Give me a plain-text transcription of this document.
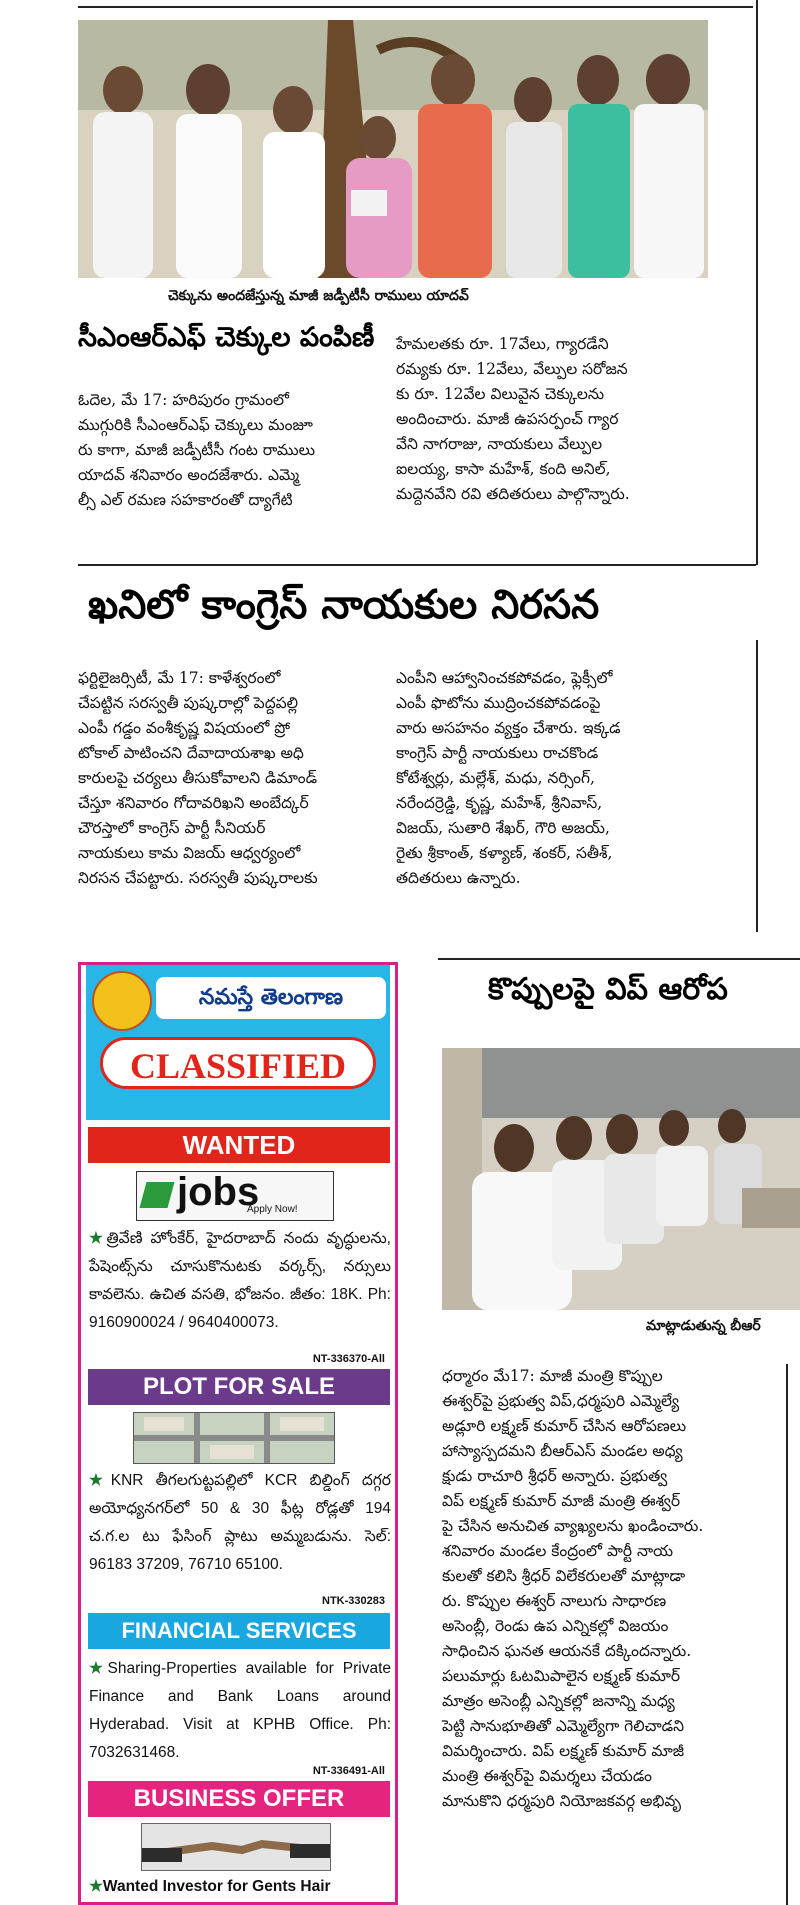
చెక్కును అందజేస్తున్న మాజీ జడ్పీటీసీ రాములు యాదవ్
సీఎంఆర్ఎఫ్ చెక్కుల పంపిణీ

ఓదెల, మే 17: హరిపురం గ్రామంలో
ముగ్గురికి సీఎంఆర్ఎఫ్ చెక్కులు మంజూ
రు కాగా, మాజీ జడ్పీటీసీ గంట రాములు
యాదవ్ శనివారం అందజేశారు. ఎమ్మె
ల్సీ ఎల్ రమణ సహకారంతో ద్యాగేటి

హేమలతకు రూ. 17వేలు, గ్యారడేని
రమ్యకు రూ. 12వేలు, వేల్పుల సరోజన
కు రూ. 12వేల విలువైన చెక్కులను
అందించారు. మాజీ ఉపసర్పంచ్ గ్యార
వేని నాగరాజు, నాయకులు వేల్పుల
ఐలయ్య, కాసా మహేశ్, కంది అనిల్,
మద్దెనవేని రవి తదితరులు పాల్గొన్నారు.

ఖనిలో కాంగ్రెస్ నాయకుల నిరసన

ఫర్టిలైజర్సిటీ, మే 17: కాళేశ్వరంలో
చేపట్టిన సరస్వతీ పుష్కరాల్లో పెద్దపల్లి
ఎంపీ గడ్డం వంశీకృష్ణ విషయంలో ప్రో
టోకాల్ పాటించని దేవాదాయశాఖ అధి
కారులపై చర్యలు తీసుకోవాలని డిమాండ్
చేస్తూ శనివారం గోదావరిఖని అంబేద్కర్
చౌరస్తాలో కాంగ్రెస్ పార్టీ సీనియర్
నాయకులు కామ విజయ్ ఆధ్వర్యంలో
నిరసన చేపట్టారు. సరస్వతీ పుష్కరాలకు

ఎంపీని ఆహ్వానించకపోవడం, ఫ్లెక్సీలో
ఎంపీ ఫొటోను ముద్రించకపోవడంపై
వారు అసహనం వ్యక్తం చేశారు. ఇక్కడ
కాంగ్రెస్ పార్టీ నాయకులు రాచకొండ
కోటేశ్వర్లు, మల్లేశ్, మధు, నర్సింగ్,
నరేందర్రెడ్డి, కృష్ణ, మహేశ్, శ్రీనివాస్,
విజయ్, సుతారి శేఖర్, గౌరి అజయ్,
రైతు శ్రీకాంత్, కళ్యాణ్, శంకర్, సతీశ్,
తదితరులు ఉన్నారు.

నమస్తే తెలంగాణ
CLASSIFIED
WANTED
jobs
Apply Now!

★త్రివేణి హోంకేర్, హైదరాబాద్ నందు వృద్ధులను, పేషెంట్స్‌ను చూసుకొనుటకు వర్కర్స్, నర్సులు కావలెను. ఉచిత వసతి, భోజనం. జీతం: 18K. Ph: 9160900024 / 9640400073.

NT-336370-All
PLOT FOR SALE

★KNR తీగలగుట్టపల్లిలో KCR బిల్డింగ్ దగ్గర అయోధ్యనగర్‌లో 50 & 30 ఫీట్ల రోడ్లతో 194 చ.గ.ల టు ఫేసింగ్ ప్లాటు అమ్మబడును. సెల్: 96183 37209, 76710 65100.

NTK-330283
FINANCIAL SERVICES

★Sharing-Properties available for Private Finance and Bank Loans around Hyderabad. Visit at KPHB Office. Ph: 7032631468.

NT-336491-All
BUSINESS OFFER

★Wanted Investor for Gents Hair

కొప్పులపై విప్ ఆరోప
మాట్లాడుతున్న బీఆర్

ధర్మారం మే17: మాజీ మంత్రి కొప్పుల
ఈశ్వర్‌పై ప్రభుత్వ విప్,ధర్మపురి ఎమ్మెల్యే
అడ్లూరి లక్ష్మణ్ కుమార్ చేసిన ఆరోపణలు
హాస్యాస్పదమని బీఆర్ఎస్ మండల అధ్య
క్షుడు రాచూరి శ్రీధర్ అన్నారు. ప్రభుత్వ
విప్ లక్ష్మణ్ కుమార్ మాజీ మంత్రి ఈశ్వర్
పై చేసిన అనుచిత వ్యాఖ్యలను ఖండించారు.
శనివారం మండల కేంద్రంలో పార్టీ నాయ
కులతో కలిసి శ్రీధర్ విలేకరులతో మాట్లాడా
రు. కొప్పుల ఈశ్వర్ నాలుగు సాధారణ
అసెంబ్లీ, రెండు ఉప ఎన్నికల్లో విజయం
సాధించిన ఘనత ఆయనకే దక్కిందన్నారు.
పలుమార్లు ఓటమిపాలైన లక్ష్మణ్ కుమార్
మాత్రం అసెంబ్లీ ఎన్నికల్లో జనాన్ని మధ్య
పెట్టి సానుభూతితో ఎమ్మెల్యేగా గెలిచాడని
విమర్శించారు. విప్ లక్ష్మణ్ కుమార్ మాజీ
మంత్రి ఈశ్వర్‌పై విమర్శలు చేయడం
మానుకొని ధర్మపురి నియోజకవర్గ అభివృ
